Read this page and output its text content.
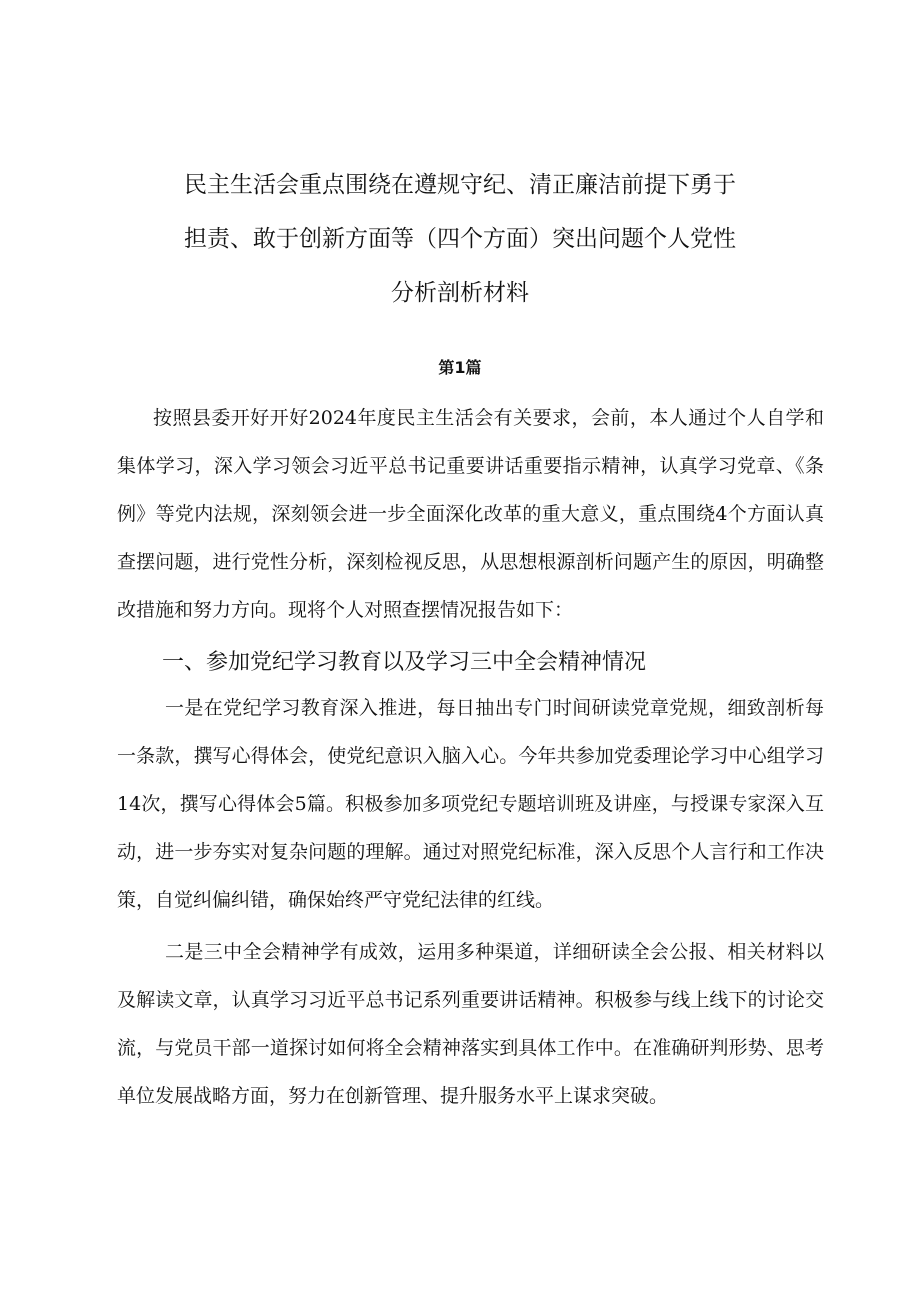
民主生活会重点围绕在遵规守纪、清正廉洁前提下勇于
担责、敢于创新方面等（四个方面）突出问题个人党性
分析剖析材料
第1篇

按照县委开好开好2024年度民主生活会有关要求，会前，本人通过个人自学和集体学习，深入学习领会习近平总书记重要讲话重要指示精神，认真学习党章、《条例》等党内法规，深刻领会进一步全面深化改革的重大意义，重点围绕4个方面认真查摆问题，进行党性分析，深刻检视反思，从思想根源剖析问题产生的原因，明确整改措施和努力方向。现将个人对照查摆情况报告如下：

一、参加党纪学习教育以及学习三中全会精神情况

一是在党纪学习教育深入推进，每日抽出专门时间研读党章党规，细致剖析每一条款，撰写心得体会，使党纪意识入脑入心。今年共参加党委理论学习中心组学习14次，撰写心得体会5篇。积极参加多项党纪专题培训班及讲座，与授课专家深入互动，进一步夯实对复杂问题的理解。通过对照党纪标准，深入反思个人言行和工作决策，自觉纠偏纠错，确保始终严守党纪法律的红线。

二是三中全会精神学有成效，运用多种渠道，详细研读全会公报、相关材料以及解读文章，认真学习习近平总书记系列重要讲话精神。积极参与线上线下的讨论交流，与党员干部一道探讨如何将全会精神落实到具体工作中。在准确研判形势、思考单位发展战略方面，努力在创新管理、提升服务水平上谋求突破。
